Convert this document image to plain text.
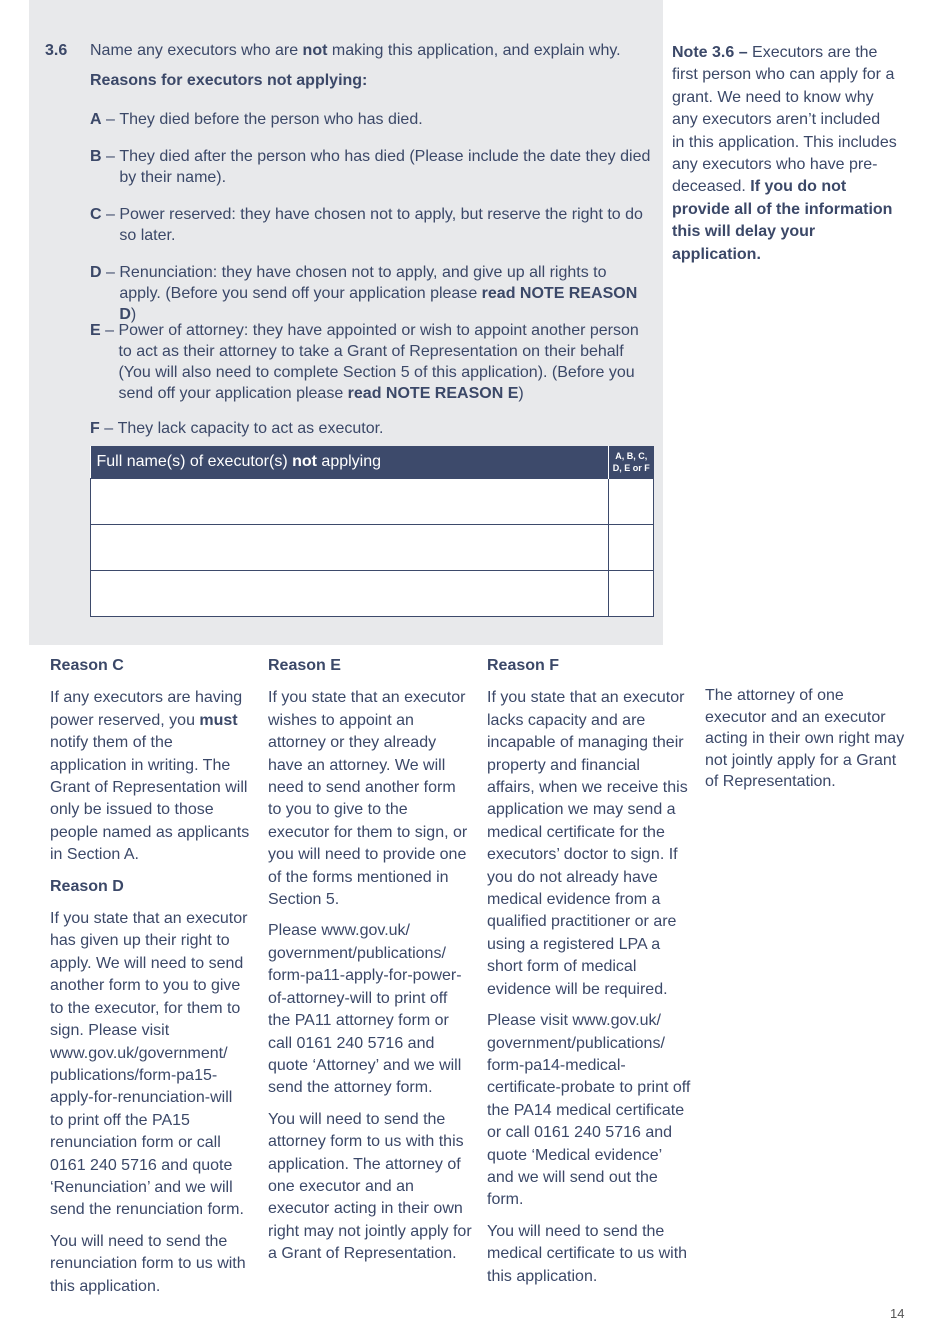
3.6 Name any executors who are not making this application, and explain why.
Reasons for executors not applying:
A – They died before the person who has died.
B – They died after the person who has died (Please include the date they died by their name).
C – Power reserved: they have chosen not to apply, but reserve the right to do so later.
D – Renunciation: they have chosen not to apply, and give up all rights to apply. (Before you send off your application please read NOTE REASON D)
E – Power of attorney: they have appointed or wish to appoint another person to act as their attorney to take a Grant of Representation on their behalf (You will also need to complete Section 5 of this application). (Before you send off your application please read NOTE REASON E)
F – They lack capacity to act as executor.
Full name(s) of executor(s) not applying	A, B, C,
D, E or F

Note 3.6 – Executors are the first person who can apply for a grant. We need to know why any executors aren’t included in this application. This includes any executors who have pre-deceased. If you do not provide all of the information this will delay your application.
Reason C

If any executors are having power reserved, you must notify them of the application in writing. The Grant of Representation will only be issued to those people named as applicants in Section A.

Reason D

If you state that an executor has given up their right to apply. We will need to send another form to you to give to the executor, for them to sign. Please visit www.gov.uk/government/ publications/form-pa15-apply-for-renunciation-will to print off the PA15 renunciation form or call 0161 240 5716 and quote ‘Renunciation’ and we will send the renunciation form.

You will need to send the renunciation form to us with this application.

Reason E

If you state that an executor wishes to appoint an attorney or they already have an attorney. We will need to send another form to you to give to the executor for them to sign, or you will need to provide one of the forms mentioned in Section 5.

Please www.gov.uk/ government/publications/ form-pa11-apply-for-power-of-attorney-will to print off the PA11 attorney form or call 0161 240 5716 and quote ‘Attorney’ and we will send the attorney form.

You will need to send the attorney form to us with this application. The attorney of one executor and an executor acting in their own right may not jointly apply for a Grant of Representation.

Reason F

If you state that an executor lacks capacity and are incapable of managing their property and financial affairs, when we receive this application we may send a medical certificate for the executors’ doctor to sign. If you do not already have medical evidence from a qualified practitioner or are using a registered LPA a short form of medical evidence will be required.

Please visit www.gov.uk/ government/publications/ form-pa14-medical-certificate-probate to print off the PA14 medical certificate or call 0161 240 5716 and quote ‘Medical evidence’ and we will send out the form.

You will need to send the medical certificate to us with this application.

The attorney of one executor and an executor acting in their own right may not jointly apply for a Grant of Representation.
14
